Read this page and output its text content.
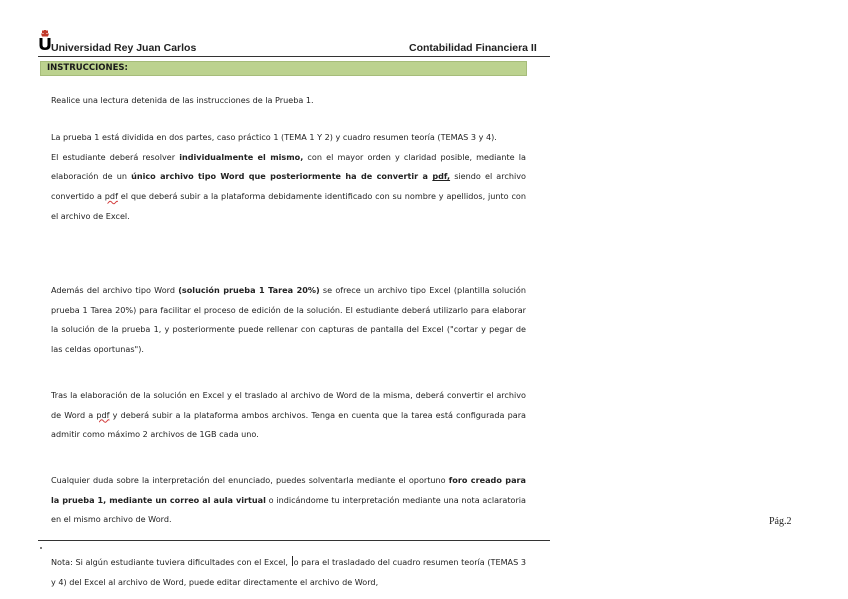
Universidad Rey Juan Carlos	Contabilidad Financiera II
INSTRUCCIONES:

Realice una lectura detenida de las instrucciones de la Prueba 1.

La prueba 1 está dividida en dos partes, caso práctico 1 (TEMA 1 Y 2) y cuadro resumen teoría (TEMAS 3 y 4).
El estudiante deberá resolver individualmente el mismo, con el mayor orden y claridad posible, mediante la elaboración de un único archivo tipo Word que posteriormente ha de convertir a pdf, siendo el archivo convertido a pdf el que deberá subir a la plataforma debidamente identificado con su nombre y apellidos, junto con el archivo de Excel.

Además del archivo tipo Word (solución prueba 1 Tarea 20%) se ofrece un archivo tipo Excel (plantilla solución prueba 1 Tarea 20%) para facilitar el proceso de edición de la solución. El estudiante deberá utilizarlo para elaborar la solución de la prueba 1, y posteriormente puede rellenar con capturas de pantalla del Excel ("cortar y pegar de las celdas oportunas").

Tras la elaboración de la solución en Excel y el traslado al archivo de Word de la misma, deberá convertir el archivo de Word a pdf y deberá subir a la plataforma ambos archivos. Tenga en cuenta que la tarea está configurada para admitir como máximo 2 archivos de 1GB cada uno.

Cualquier duda sobre la interpretación del enunciado, puedes solventarla mediante el oportuno foro creado para la prueba 1, mediante un correo al aula virtual o indicándome tu interpretación mediante una nota aclaratoria en el mismo archivo de Word.	Pág.2

Nota: Si algún estudiante tuviera dificultades con el Excel, o para el trasladado del cuadro resumen teoría (TEMAS 3 y 4) del Excel al archivo de Word, puede editar directamente el archivo de Word,
